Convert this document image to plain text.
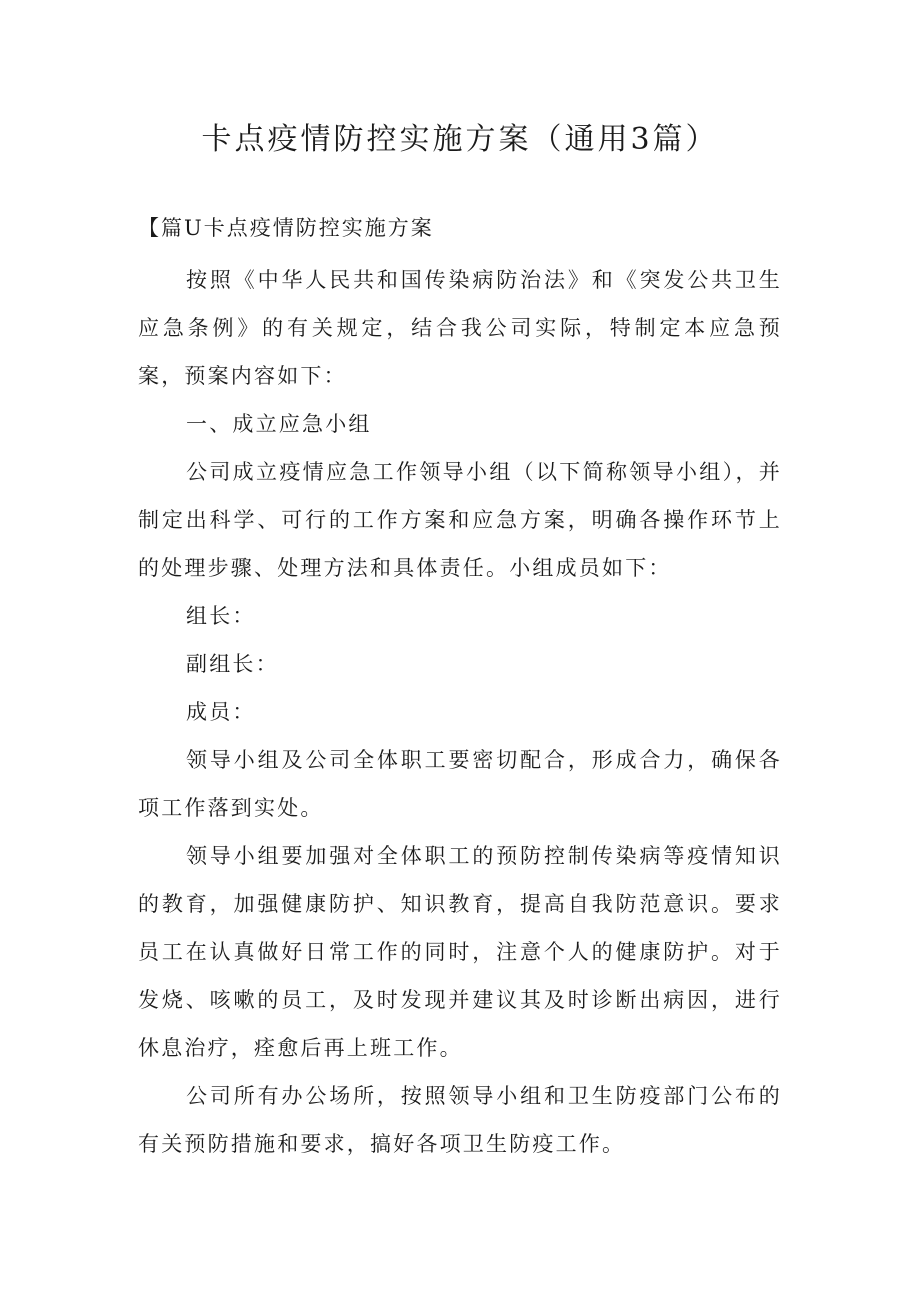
卡点疫情防控实施方案（通用3篇）
【篇U卡点疫情防控实施方案

按照《中华人民共和国传染病防治法》和《突发公共卫生应急条例》的有关规定，结合我公司实际，特制定本应急预案，预案内容如下：

一、成立应急小组

公司成立疫情应急工作领导小组（以下简称领导小组），并制定出科学、可行的工作方案和应急方案，明确各操作环节上的处理步骤、处理方法和具体责任。小组成员如下：

组长：

副组长：

成员：

领导小组及公司全体职工要密切配合，形成合力，确保各项工作落到实处。

领导小组要加强对全体职工的预防控制传染病等疫情知识的教育，加强健康防护、知识教育，提高自我防范意识。要求员工在认真做好日常工作的同时，注意个人的健康防护。对于发烧、咳嗽的员工，及时发现并建议其及时诊断出病因，进行休息治疗，痊愈后再上班工作。

公司所有办公场所，按照领导小组和卫生防疫部门公布的有关预防措施和要求，搞好各项卫生防疫工作。
